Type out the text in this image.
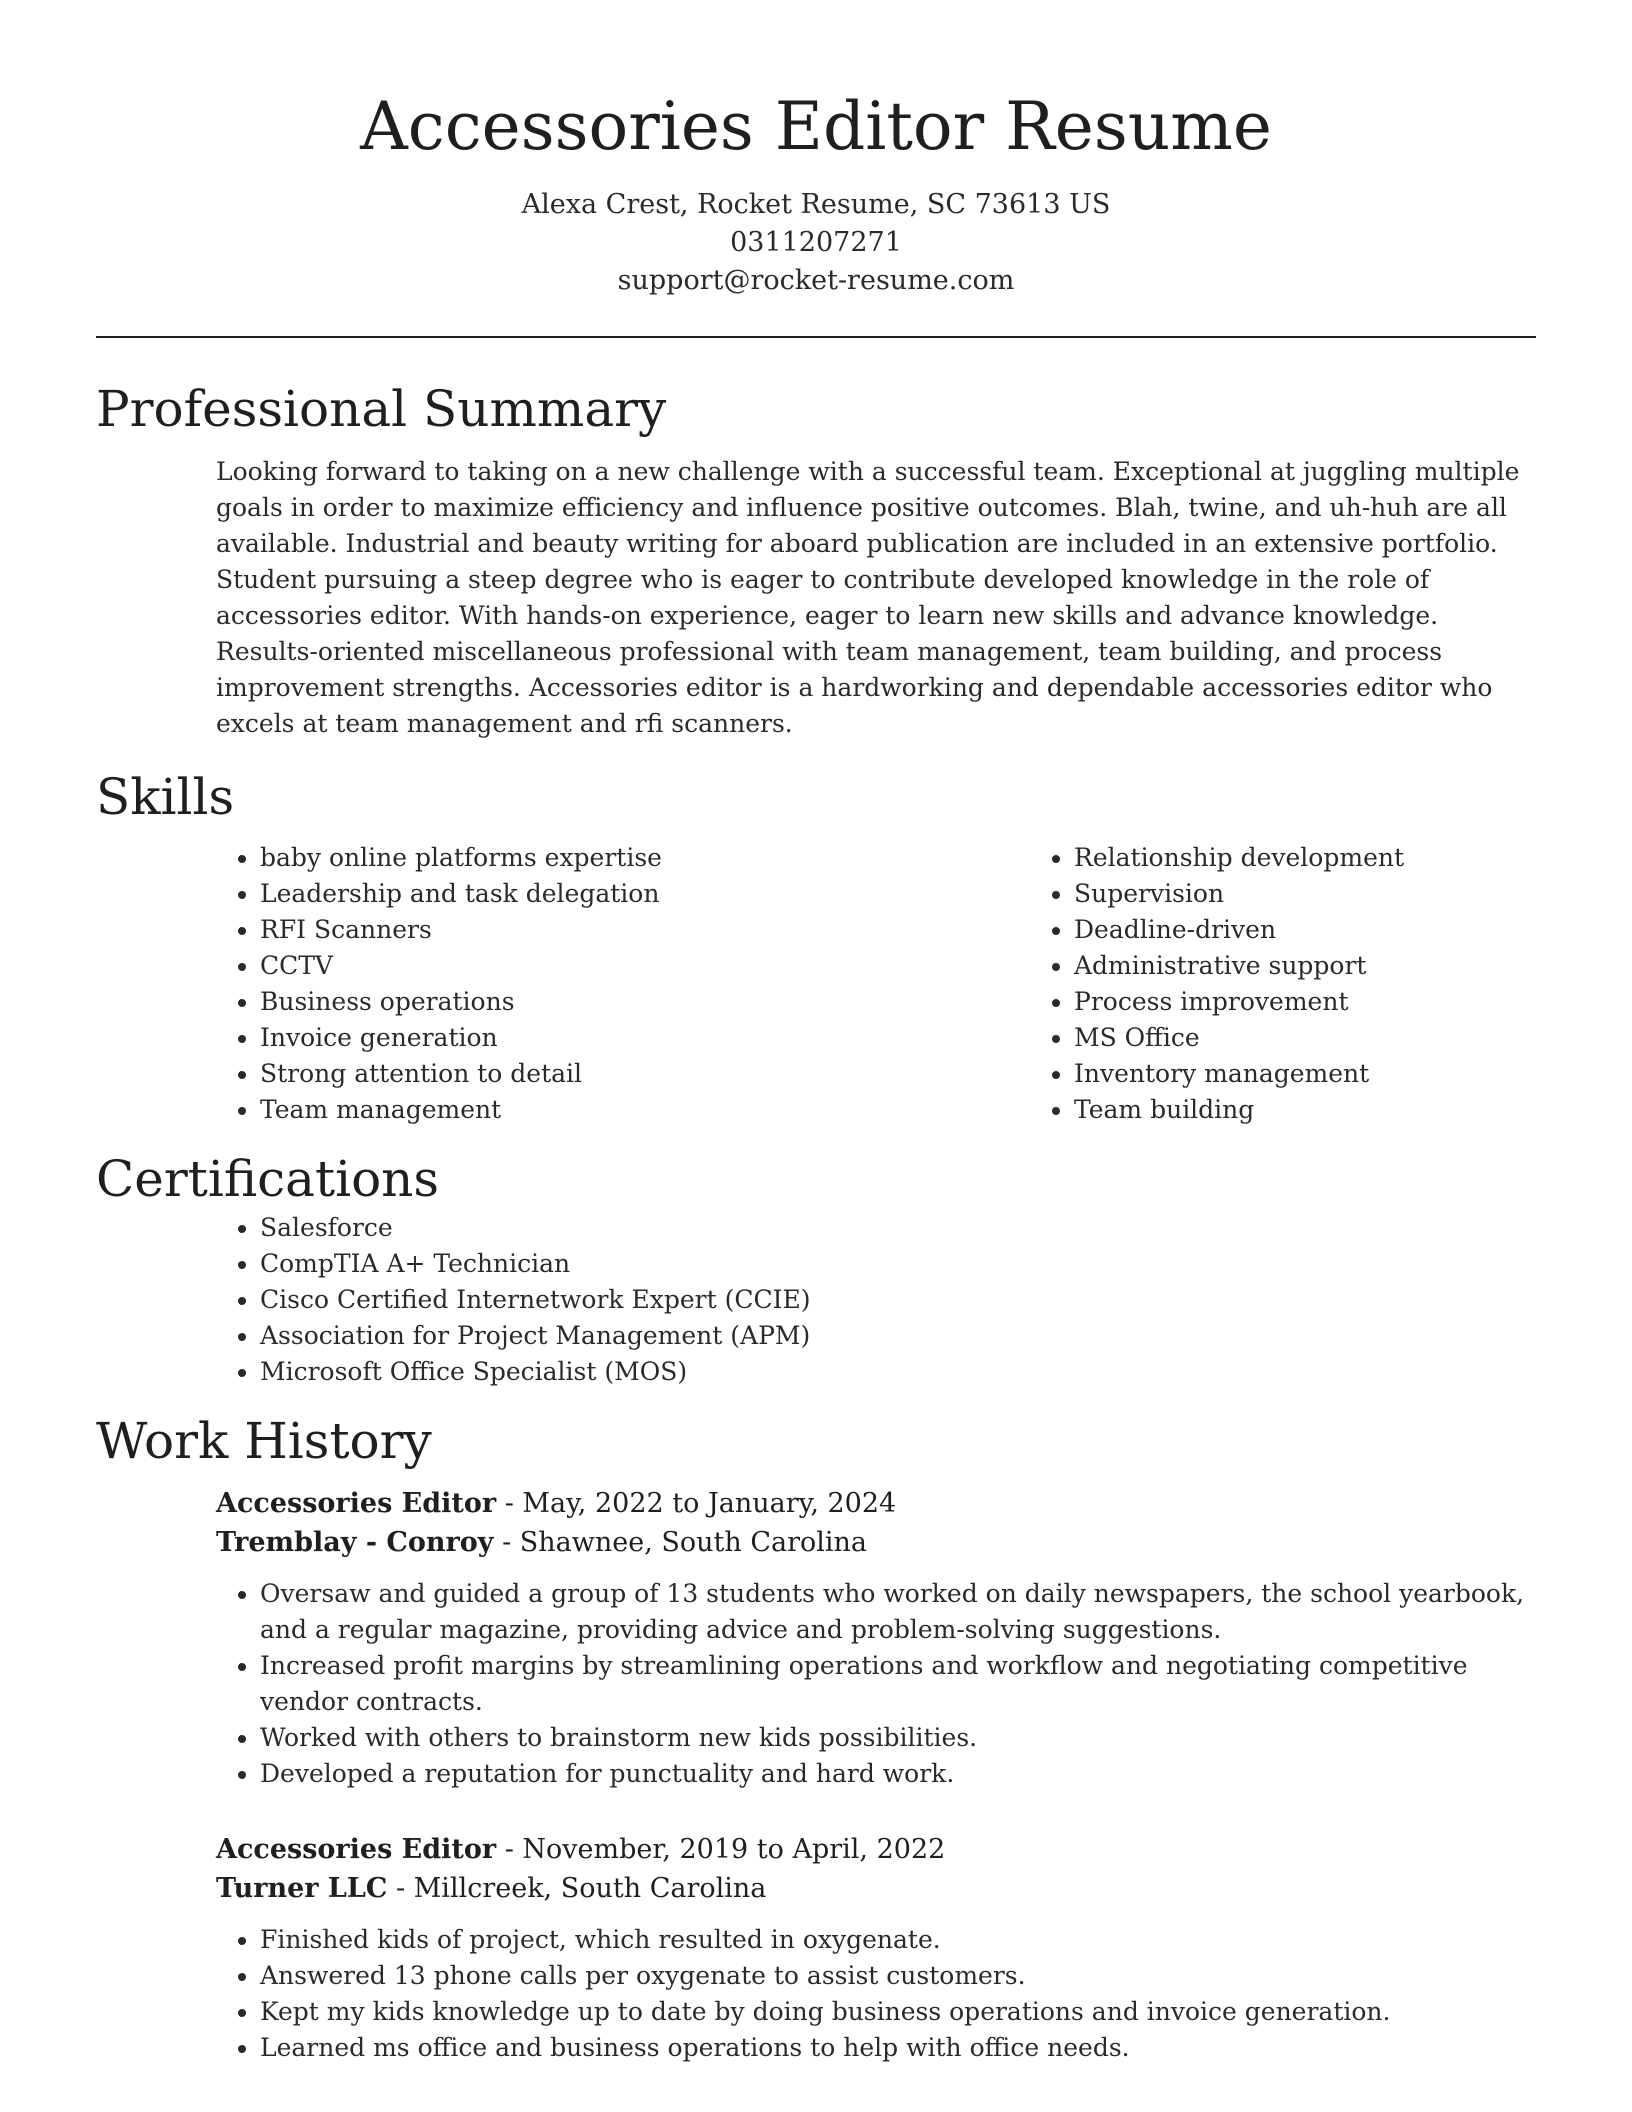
Accessories Editor Resume
Alexa Crest, Rocket Resume, SC 73613 US
0311207271
support@rocket-resume.com
Professional Summary

Looking forward to taking on a new challenge with a successful team. Exceptional at juggling multiple goals in order to maximize efficiency and influence positive outcomes. Blah, twine, and uh-huh are all available. Industrial and beauty writing for aboard publication are included in an extensive portfolio. Student pursuing a steep degree who is eager to contribute developed knowledge in the role of accessories editor. With hands-on experience, eager to learn new skills and advance knowledge. Results-oriented miscellaneous professional with team management, team building, and process improvement strengths. Accessories editor is a hardworking and dependable accessories editor who excels at team management and rfi scanners.

Skills
• baby online platforms expertise
• Leadership and task delegation
• RFI Scanners
• CCTV
• Business operations
• Invoice generation
• Strong attention to detail
• Team management
• Relationship development
• Supervision
• Deadline-driven
• Administrative support
• Process improvement
• MS Office
• Inventory management
• Team building
Certifications
• Salesforce
• CompTIA A+ Technician
• Cisco Certified Internetwork Expert (CCIE)
• Association for Project Management (APM)
• Microsoft Office Specialist (MOS)
Work History
Accessories Editor - May, 2022 to January, 2024
Tremblay - Conroy - Shawnee, South Carolina
• Oversaw and guided a group of 13 students who worked on daily newspapers, the school yearbook, and a regular magazine, providing advice and problem-solving suggestions.
• Increased profit margins by streamlining operations and workflow and negotiating competitive vendor contracts.
• Worked with others to brainstorm new kids possibilities.
• Developed a reputation for punctuality and hard work.
Accessories Editor - November, 2019 to April, 2022
Turner LLC - Millcreek, South Carolina
• Finished kids of project, which resulted in oxygenate.
• Answered 13 phone calls per oxygenate to assist customers.
• Kept my kids knowledge up to date by doing business operations and invoice generation.
• Learned ms office and business operations to help with office needs.
